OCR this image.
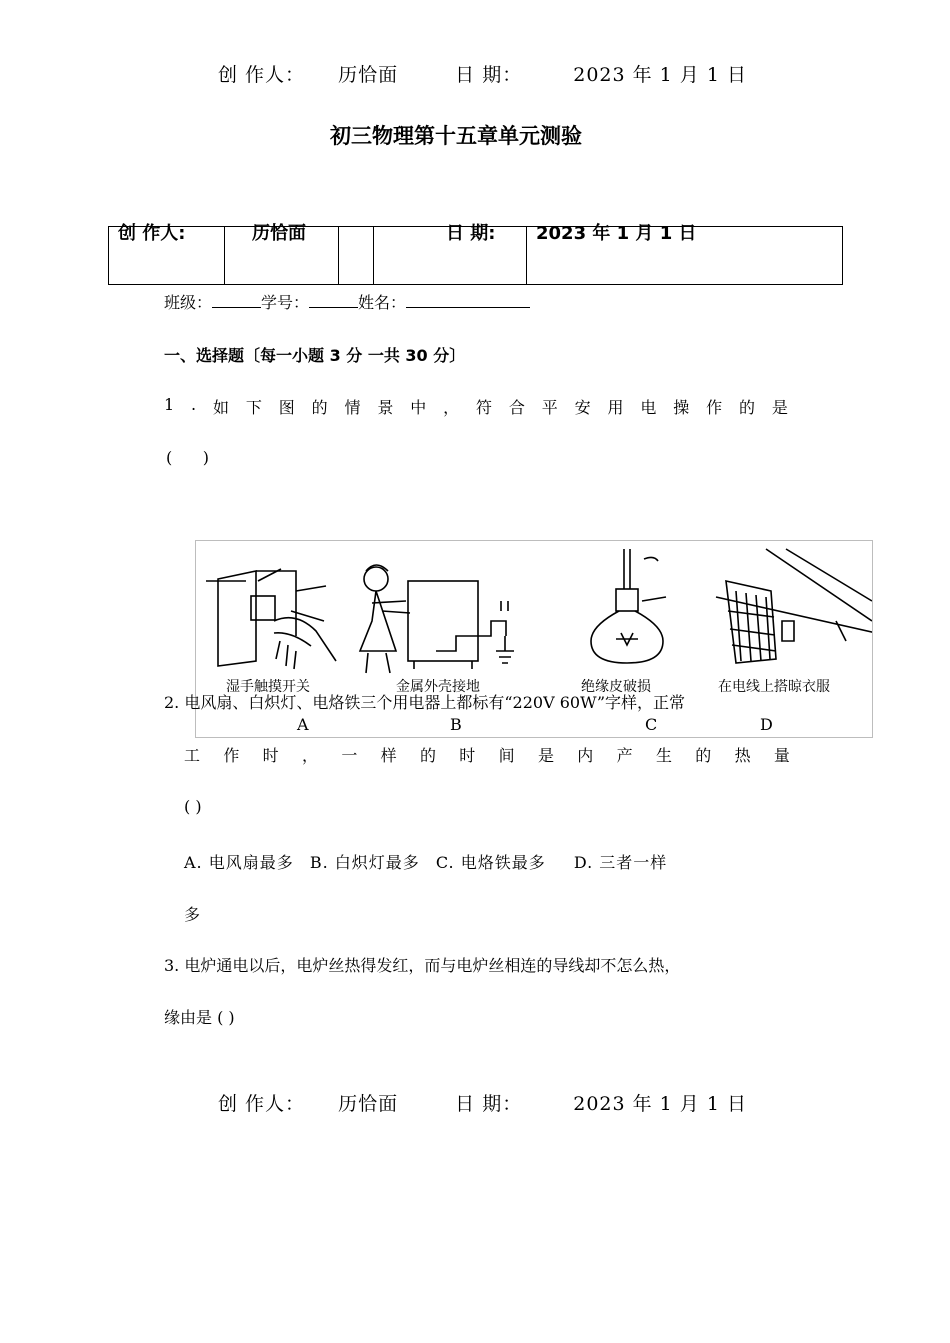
创 作人： 历恰面	日 期：	2023 年 1 月 1 日
初三物理第十五章单元测验

创 作人:	历恰面	日 期: 2023 年 1 月 1 日
班级：	学号：	姓名：
一、选择题〔每一小题 3 分 一共 30 分〕
1 . 如 下 图 的 情 景 中 ， 符 合 平 安 用 电 操 作 的 是
(      )
湿手触摸开关	金属外壳接地	绝缘皮破损	在电线上搭晾衣服
A	B	C	D
2. 电风扇、白炽灯、电烙铁三个用电器上都标有“220V 60W”字样，正常
工 作 时 ， 一 样 的 时 间 是 内 产 生 的 热 量
( )
A. 电风扇最多 B. 白炽灯最多 C. 电烙铁最多 D. 三者一样
多
3. 电炉通电以后，电炉丝热得发红，而与电炉丝相连的导线却不怎么热，
缘由是 ( )
创 作人： 历恰面	日 期：	2023 年 1 月 1 日
